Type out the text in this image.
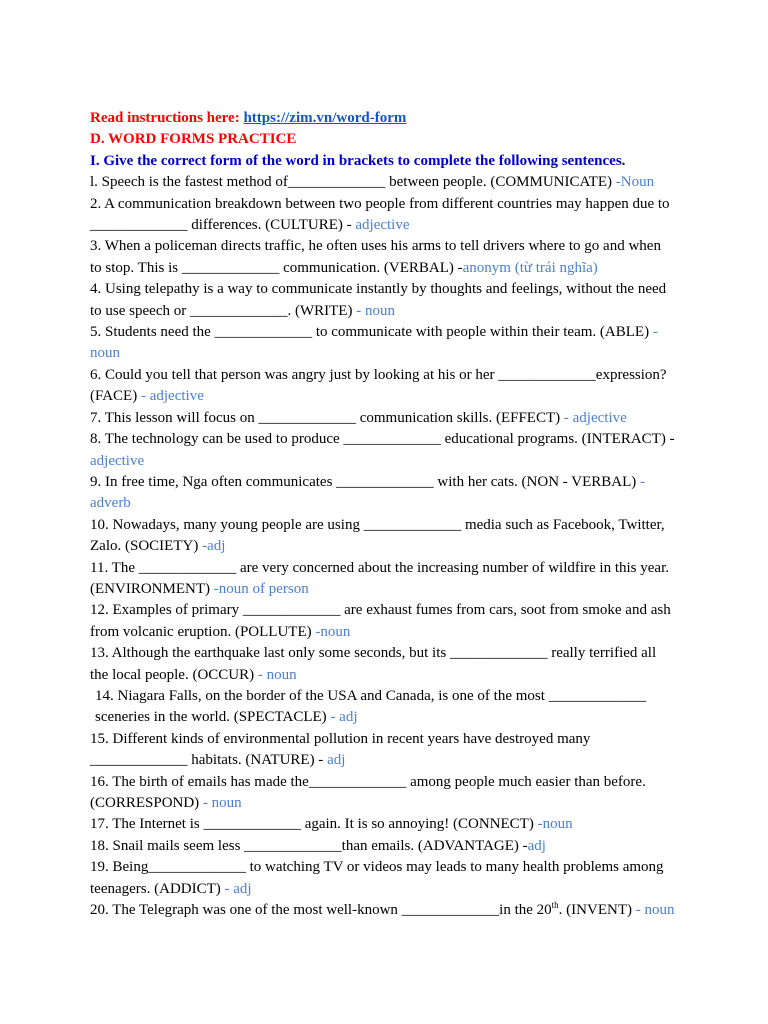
Read instructions here: https://zim.vn/word-form
D. WORD FORMS PRACTICE
I. Give the correct form of the word in brackets to complete the following sentences.
l. Speech is the fastest method of_____________ between people. (COMMUNICATE) -Noun
2. A communication breakdown between two people from different countries may happen due to
_____________ differences. (CULTURE) - adjective
3. When a policeman directs traffic, he often uses his arms to tell drivers where to go and when
to stop. This is _____________ communication. (VERBAL) -anonym (từ trái nghĩa)
4. Using telepathy is a way to communicate instantly by thoughts and feelings, without the need
to use speech or _____________. (WRITE) - noun
5. Students need the _____________ to communicate with people within their team. (ABLE) -
noun
6. Could you tell that person was angry just by looking at his or her _____________expression?
(FACE) - adjective
7. This lesson will focus on _____________ communication skills. (EFFECT) - adjective
8. The technology can be used to produce _____________ educational programs. (INTERACT) -
adjective
9. In free time, Nga often communicates _____________ with her cats. (NON - VERBAL) -
adverb
10. Nowadays, many young people are using _____________ media such as Facebook, Twitter,
Zalo. (SOCIETY) -adj
11. The _____________ are very concerned about the increasing number of wildfire in this year.
(ENVIRONMENT) -noun of person
12. Examples of primary _____________ are exhaust fumes from cars, soot from smoke and ash
from volcanic eruption. (POLLUTE) -noun
13. Although the earthquake last only some seconds, but its _____________ really terrified all
the local people. (OCCUR) - noun
14. Niagara Falls, on the border of the USA and Canada, is one of the most _____________
sceneries in the world. (SPECTACLE) - adj
15. Different kinds of environmental pollution in recent years have destroyed many
_____________ habitats. (NATURE) - adj
16. The birth of emails has made the_____________ among people much easier than before.
(CORRESPOND) - noun
17. The Internet is _____________ again. It is so annoying! (CONNECT) -noun
18. Snail mails seem less _____________than emails. (ADVANTAGE) -adj
19. Being_____________ to watching TV or videos may leads to many health problems among
teenagers. (ADDICT) - adj
20. The Telegraph was one of the most well-known _____________in the 20th. (INVENT) - noun
